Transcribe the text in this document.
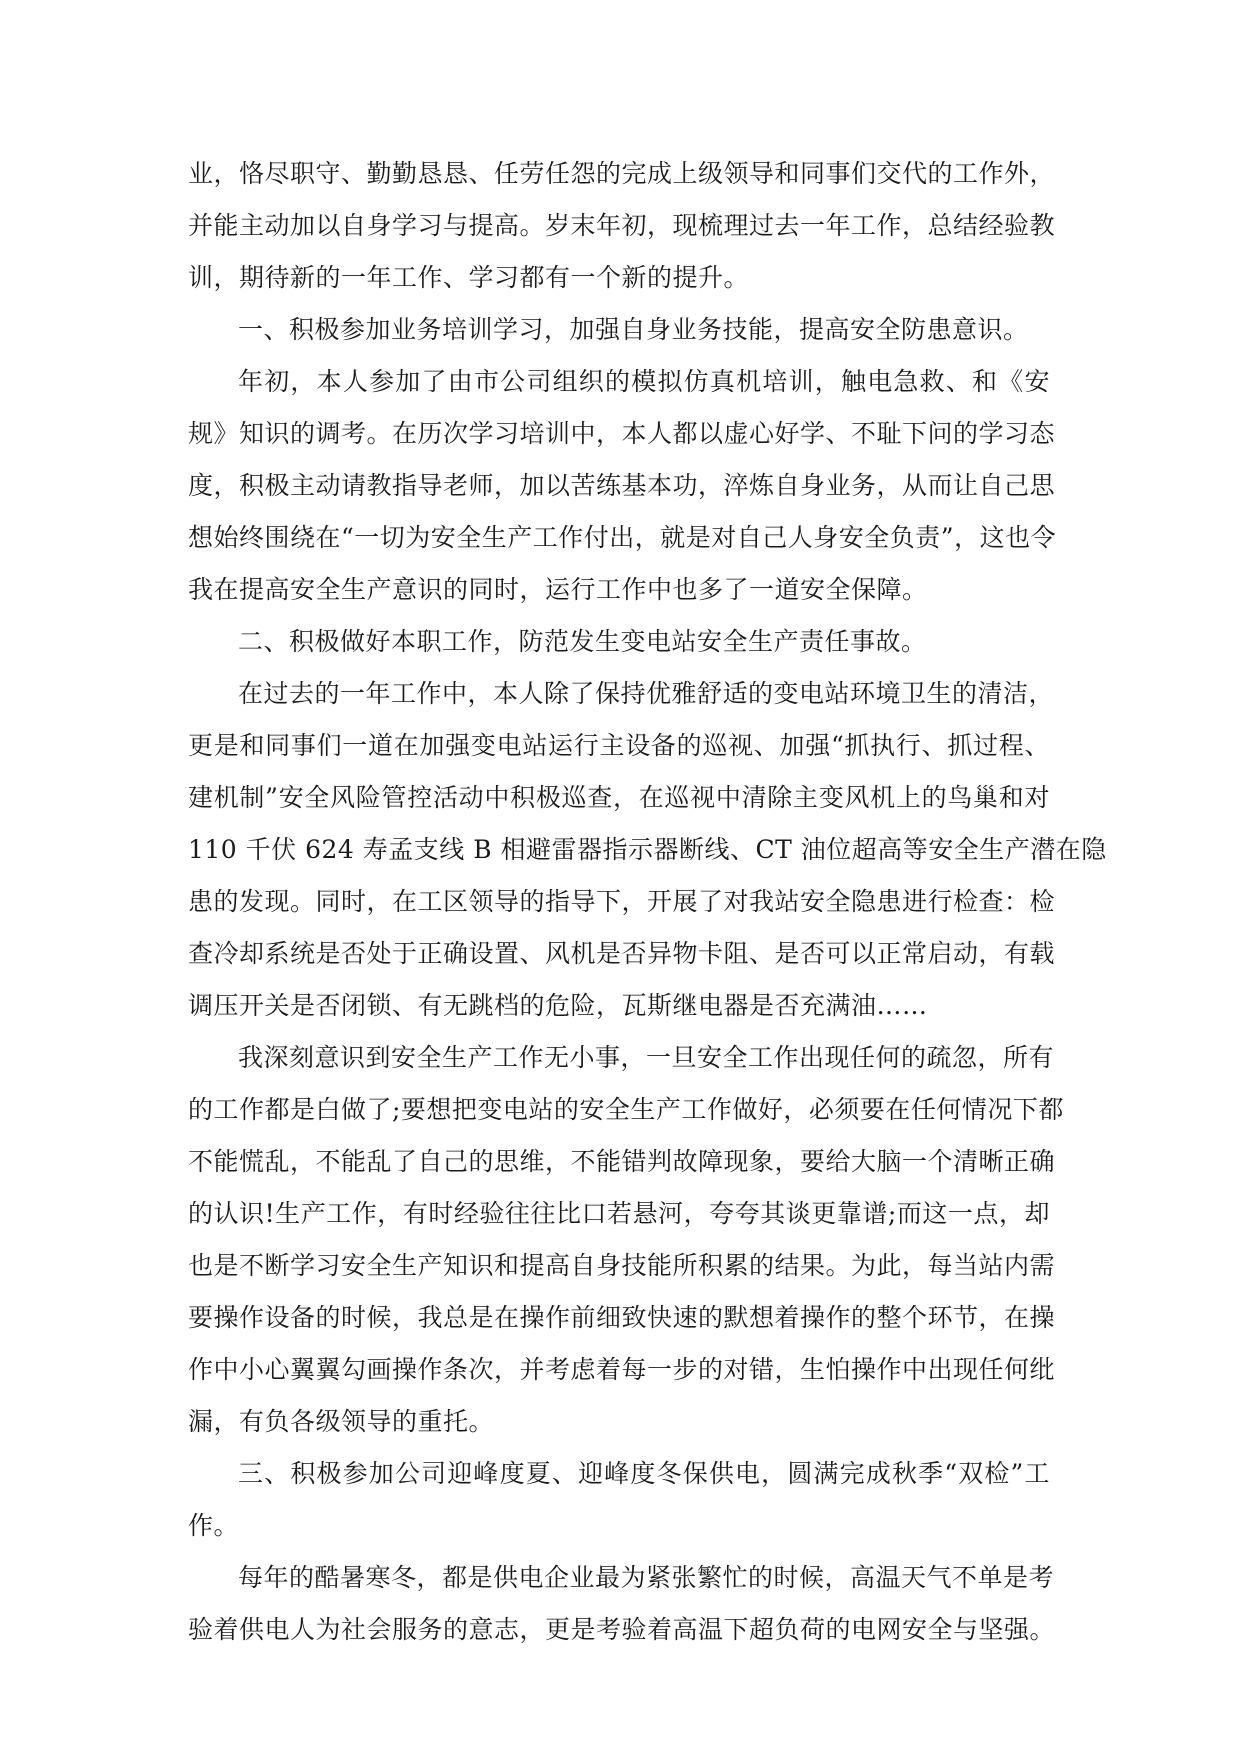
业，恪尽职守、勤勤恳恳、任劳任怨的完成上级领导和同事们交代的工作外，
并能主动加以自身学习与提高。岁末年初，现梳理过去一年工作，总结经验教
训，期待新的一年工作、学习都有一个新的提升。

一、积极参加业务培训学习，加强自身业务技能，提高安全防患意识。

年初，本人参加了由市公司组织的模拟仿真机培训，触电急救、和《安
规》知识的调考。在历次学习培训中，本人都以虚心好学、不耻下问的学习态
度，积极主动请教指导老师，加以苦练基本功，淬炼自身业务，从而让自己思
想始终围绕在“一切为安全生产工作付出，就是对自己人身安全负责”，这也令
我在提高安全生产意识的同时，运行工作中也多了一道安全保障。

二、积极做好本职工作，防范发生变电站安全生产责任事故。

在过去的一年工作中，本人除了保持优雅舒适的变电站环境卫生的清洁，
更是和同事们一道在加强变电站运行主设备的巡视、加强“抓执行、抓过程、
建机制”安全风险管控活动中积极巡查，在巡视中清除主变风机上的鸟巢和对
110 千伏 624 寿孟支线 B 相避雷器指示器断线、CT 油位超高等安全生产潜在隐
患的发现。同时，在工区领导的指导下，开展了对我站安全隐患进行检查：检
查冷却系统是否处于正确设置、风机是否异物卡阻、是否可以正常启动，有载
调压开关是否闭锁、有无跳档的危险，瓦斯继电器是否充满油……

我深刻意识到安全生产工作无小事，一旦安全工作出现任何的疏忽，所有
的工作都是白做了;要想把变电站的安全生产工作做好，必须要在任何情况下都
不能慌乱，不能乱了自己的思维，不能错判故障现象，要给大脑一个清晰正确
的认识!生产工作，有时经验往往比口若悬河，夸夸其谈更靠谱;而这一点，却
也是不断学习安全生产知识和提高自身技能所积累的结果。为此，每当站内需
要操作设备的时候，我总是在操作前细致快速的默想着操作的整个环节，在操
作中小心翼翼勾画操作条次，并考虑着每一步的对错，生怕操作中出现任何纰
漏，有负各级领导的重托。

三、积极参加公司迎峰度夏、迎峰度冬保供电，圆满完成秋季“双检”工
作。

每年的酷暑寒冬，都是供电企业最为紧张繁忙的时候，高温天气不单是考
验着供电人为社会服务的意志，更是考验着高温下超负荷的电网安全与坚强。
